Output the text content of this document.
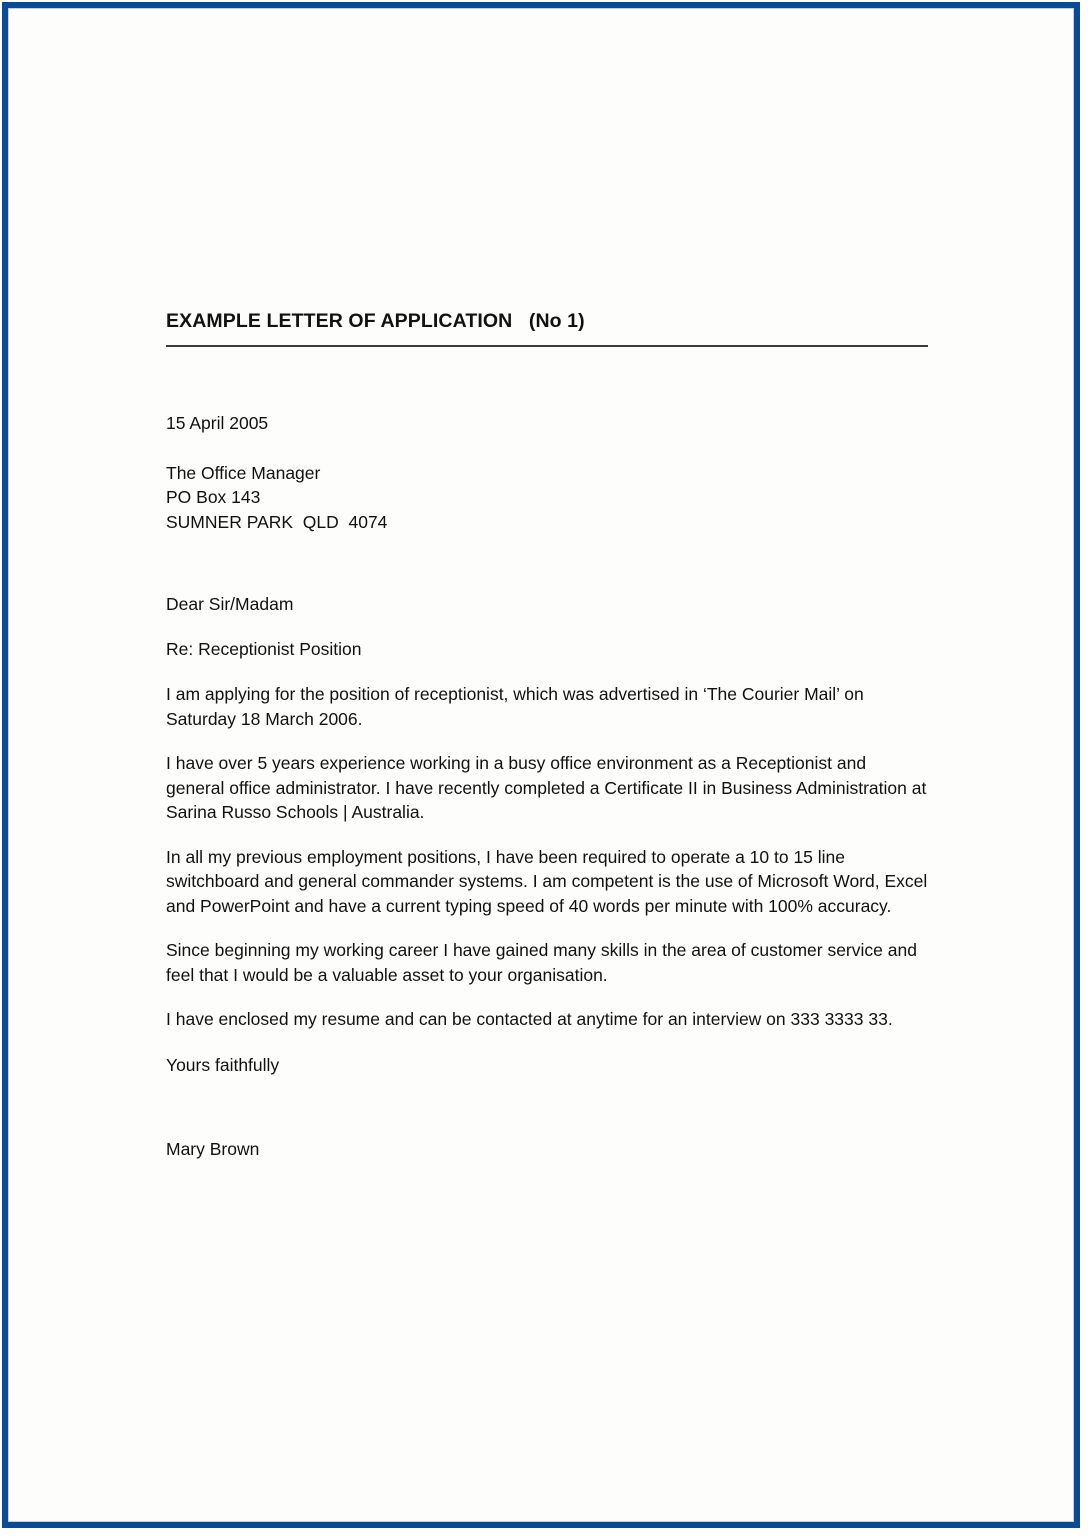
EXAMPLE LETTER OF APPLICATION   (No 1)
15 April 2005
The Office Manager
PO Box 143
SUMNER PARK  QLD  4074
Dear Sir/Madam
Re: Receptionist Position
I am applying for the position of receptionist, which was advertised in ‘The Courier Mail’ on Saturday 18 March 2006.
I have over 5 years experience working in a busy office environment as a Receptionist and general office administrator. I have recently completed a Certificate II in Business Administration at Sarina Russo Schools | Australia.
In all my previous employment positions, I have been required to operate a 10 to 15 line switchboard and general commander systems. I am competent is the use of Microsoft Word, Excel and PowerPoint and have a current typing speed of 40 words per minute with 100% accuracy.
Since beginning my working career I have gained many skills in the area of customer service and feel that I would be a valuable asset to your organisation.
I have enclosed my resume and can be contacted at anytime for an interview on 333 3333 33.
Yours faithfully
Mary Brown
